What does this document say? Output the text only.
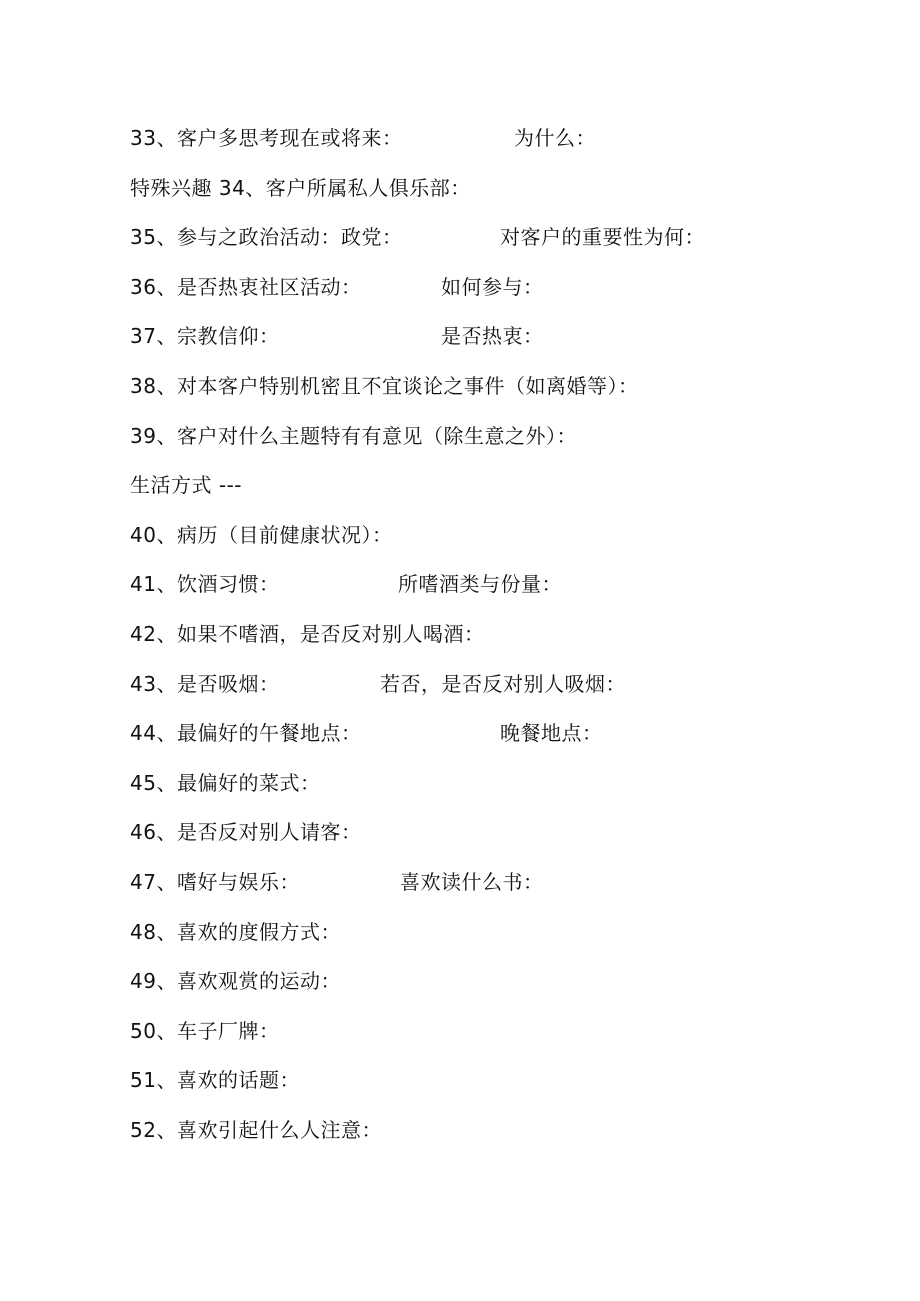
33、客户多思考现在或将来：	为什么：
特殊兴趣 34、客户所属私人俱乐部：
35、参与之政治活动：政党：	对客户的重要性为何：
36、是否热衷社区活动：	如何参与：
37、宗教信仰：	是否热衷：
38、对本客户特别机密且不宜谈论之事件（如离婚等）：
39、客户对什么主题特有有意见（除生意之外）：
生活方式 ---
40、病历（目前健康状况）：
41、饮酒习惯：	所嗜酒类与份量：
42、如果不嗜酒，是否反对别人喝酒：
43、是否吸烟：	若否，是否反对别人吸烟：
44、最偏好的午餐地点：	晚餐地点：
45、最偏好的菜式：
46、是否反对别人请客：
47、嗜好与娱乐：	喜欢读什么书：
48、喜欢的度假方式：
49、喜欢观赏的运动：
50、车子厂牌：
51、喜欢的话题：
52、喜欢引起什么人注意：
